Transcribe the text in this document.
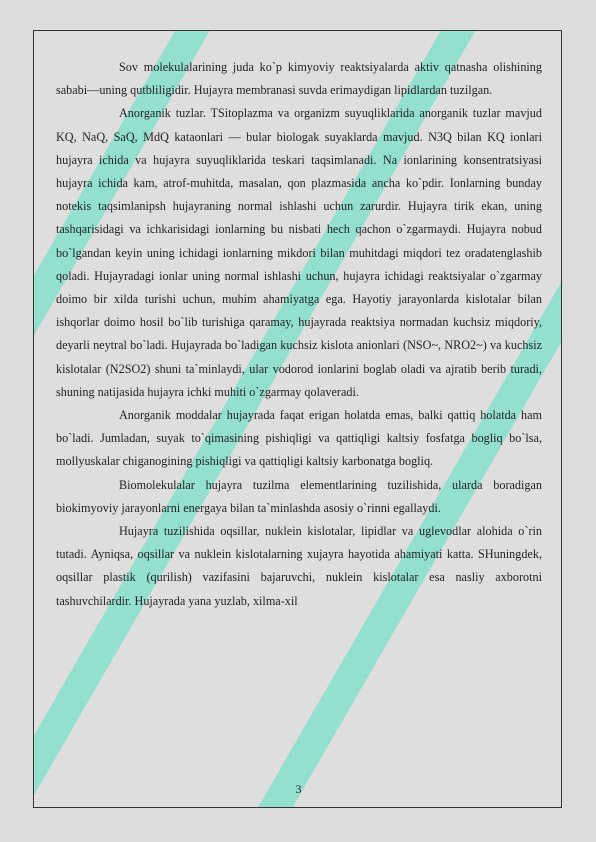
Sov molekulalarining juda ko`p kimyoviy reaktsiyalarda aktiv qatnasha olishining sababi—uning qutbliligidir. Hujayra membranasi suvda erimaydigan lipidlardan tuzilgan.

Anorganik tuzlar. TSitoplazma va organizm suyuqliklarida anorganik tuzlar mavjud KQ, NaQ, SaQ, MdQ kataonlari — bular biologak suyaklarda mavjud. N3Q bilan KQ ionlari hujayra ichida va hujayra suyuqliklarida teskari taqsimlanadi. Na ionlarining konsentratsiyasi hujayra ichida kam, atrof-muhitda, masalan, qon plazmasida ancha ko`pdir. Ionlarning bunday notekis taqsimlanipsh hujayraning normal ishlashi uchun zarurdir. Hujayra tirik ekan, uning tashqarisidagi va ichkarisidagi ionlarning bu nisbati hech qachon o`zgarmaydi. Hujayra nobud bo`lgandan keyin uning ichidagi ionlarning mikdori bilan muhitdagi miqdori tez oradatenglashib qoladi. Hujayradagi ionlar uning normal ishlashi uchun, hujayra ichidagi reaktsiyalar o`zgarmay doimo bir xilda turishi uchun, muhim ahamiyatga ega. Hayotiy jarayonlarda kislotalar bilan ishqorlar doimo hosil bo`lib turishiga qaramay, hujayrada reaktsiya normadan kuchsiz miqdoriy, deyarli neytral bo`ladi. Hujayrada bo`ladigan kuchsiz kislota anionlari (NSO~, NRO2~) va kuchsiz kislotalar (N2SO2) shuni ta`minlaydi, ular vodorod ionlarini boglab oladi va ajratib berib turadi, shuning natijasida hujayra ichki muhiti o`zgarmay qolaveradi.

Anorganik moddalar hujayrada faqat erigan holatda emas, balki qattiq holatda ham bo`ladi. Jumladan, suyak to`qimasining pishiqligi va qattiqligi kaltsiy fosfatga bogliq bo`lsa, mollyuskalar chiganogining pishiqligi va qattiqligi kaltsiy karbonatga bogliq.

Biomolekulalar hujayra tuzilma elementlarining tuzilishida, ularda boradigan biokimyoviy jarayonlarni energaya bilan ta`minlashda asosiy o`rinni egallaydi.

Hujayra tuzilishida oqsillar, nuklein kislotalar, lipidlar va uglevodlar alohida o`rin tutadi. Ayniqsa, oqsillar va nuklein kislotalarning xujayra hayotida ahamiyati katta. SHuningdek, oqsillar plastik (qurilish) vazifasini bajaruvchi, nuklein kislotalar esa nasliy axborotni tashuvchilardir. Hujayrada yana yuzlab, xilma-xil

3
